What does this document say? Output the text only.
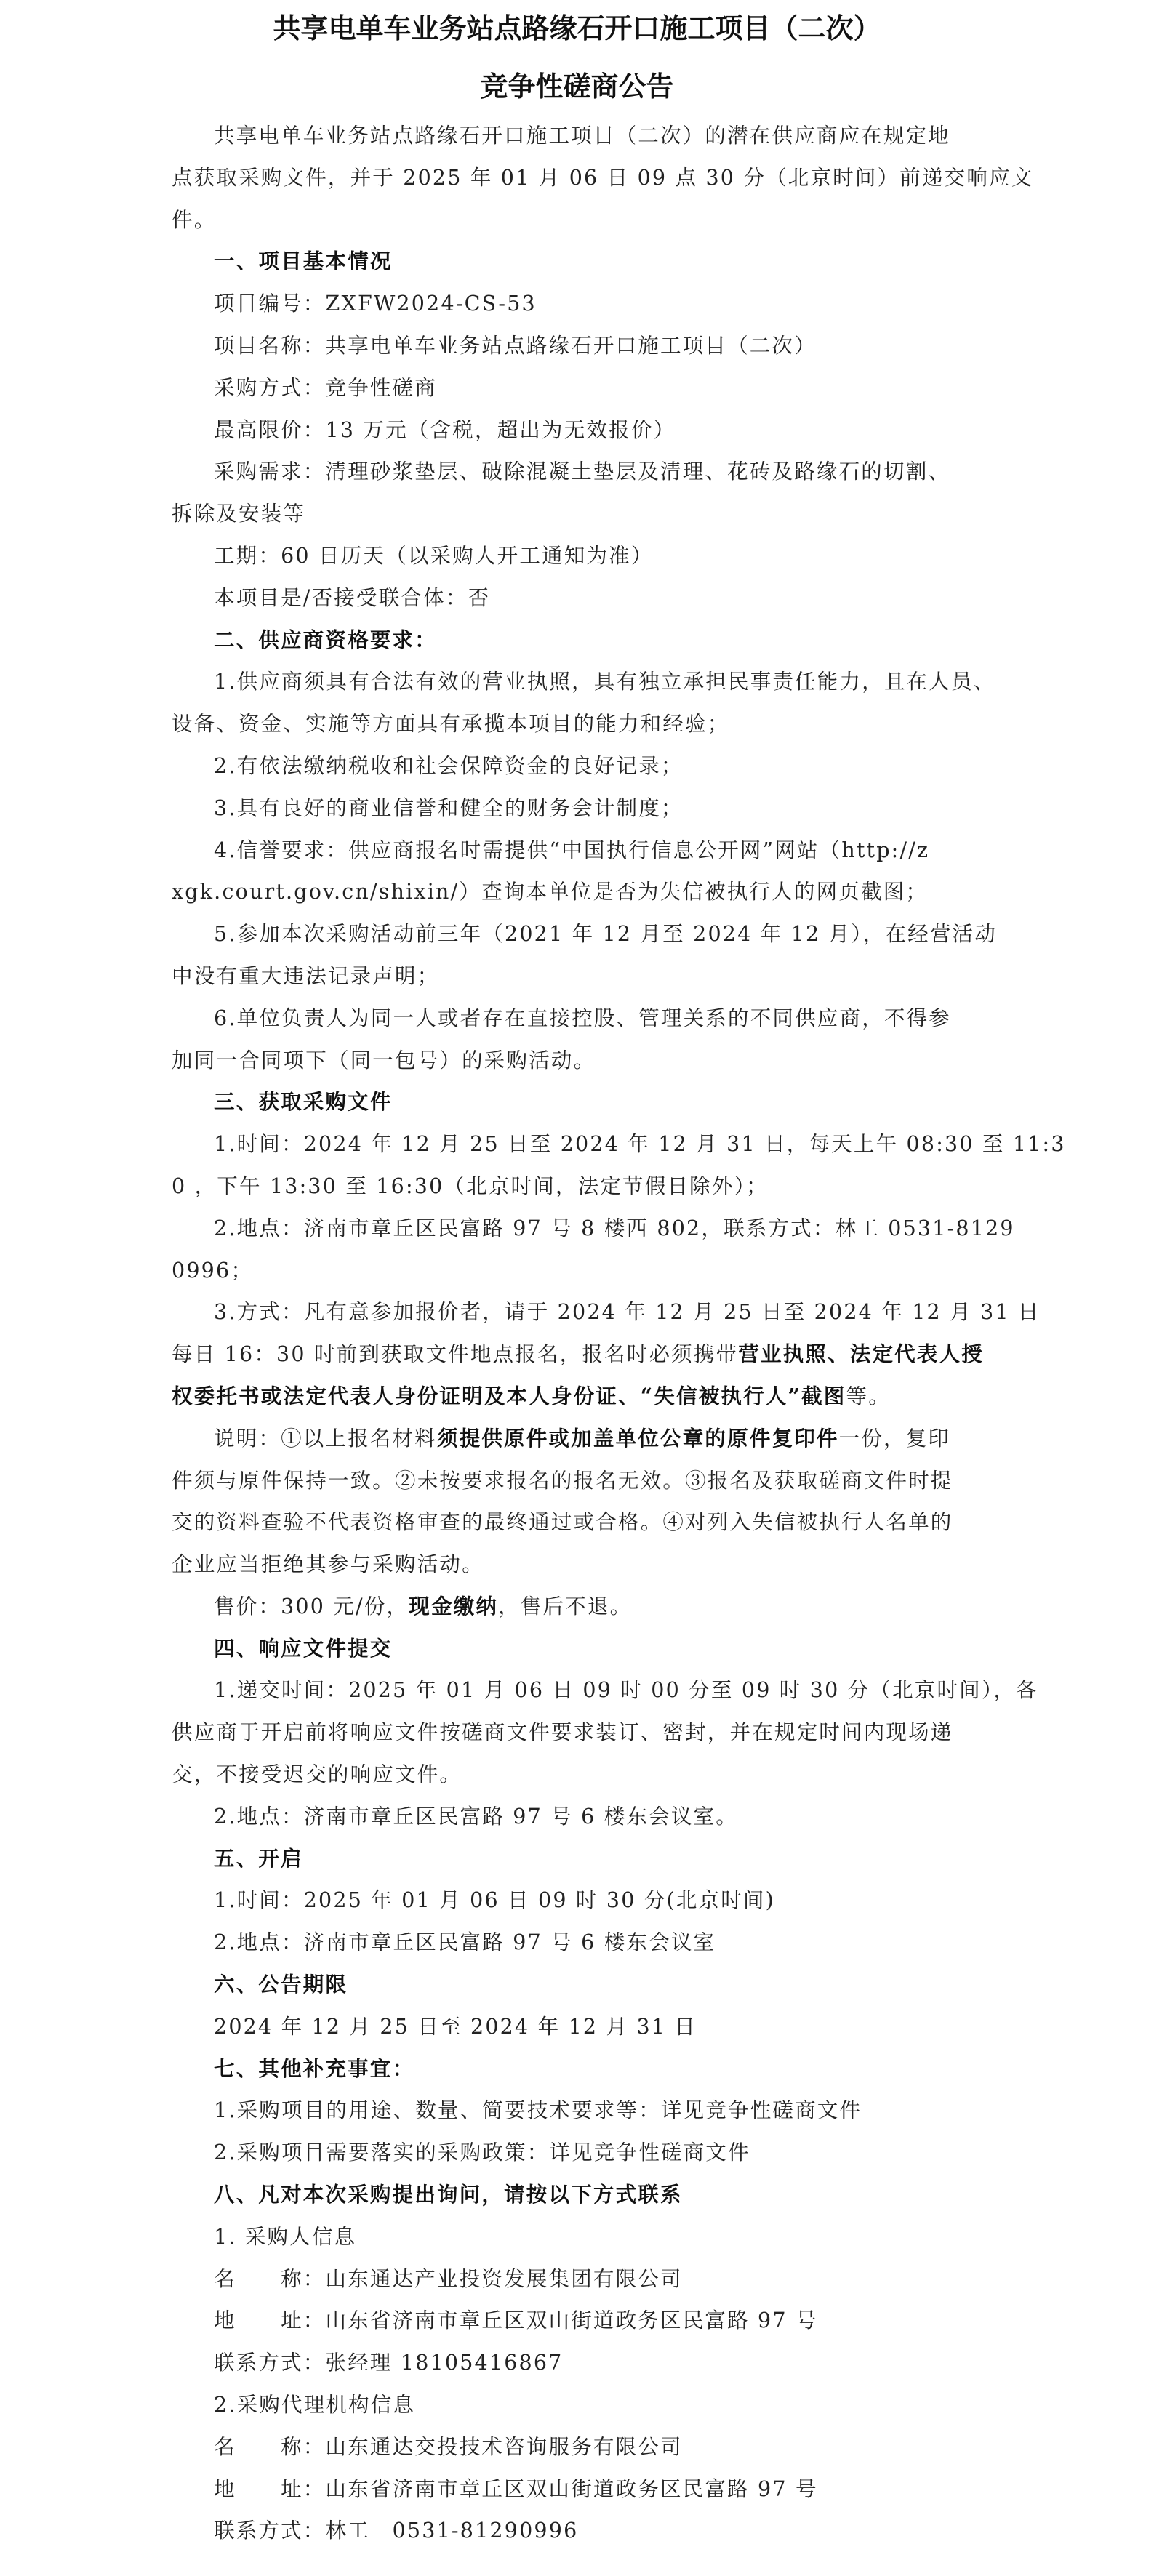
共享电单车业务站点路缘石开口施工项目（二次）
竞争性磋商公告
共享电单车业务站点路缘石开口施工项目（二次）的潜在供应商应在规定地
点获取采购文件，并于 2025 年 01 月 06 日 09 点 30 分（北京时间）前递交响应文
件。
一、项目基本情况
项目编号：ZXFW2024-CS-53
项目名称：共享电单车业务站点路缘石开口施工项目（二次）
采购方式：竞争性磋商
最高限价：13 万元（含税，超出为无效报价）
采购需求：清理砂浆垫层、破除混凝土垫层及清理、花砖及路缘石的切割、
拆除及安装等
工期：60 日历天（以采购人开工通知为准）
本项目是/否接受联合体：否
二、供应商资格要求：
1.供应商须具有合法有效的营业执照，具有独立承担民事责任能力，且在人员、
设备、资金、实施等方面具有承揽本项目的能力和经验；
2.有依法缴纳税收和社会保障资金的良好记录；
3.具有良好的商业信誉和健全的财务会计制度；
4.信誉要求：供应商报名时需提供“中国执行信息公开网”网站（http://z
xgk.court.gov.cn/shixin/）查询本单位是否为失信被执行人的网页截图；
5.参加本次采购活动前三年（2021 年 12 月至 2024 年 12 月），在经营活动
中没有重大违法记录声明；
6.单位负责人为同一人或者存在直接控股、管理关系的不同供应商，不得参
加同一合同项下（同一包号）的采购活动。
三、获取采购文件
1.时间：2024 年 12 月 25 日至 2024 年 12 月 31 日，每天上午 08:30 至 11:3
0 ，下午 13:30 至 16:30（北京时间，法定节假日除外）；
2.地点：济南市章丘区民富路 97 号 8 楼西 802，联系方式：林工 0531-8129
0996；
3.方式：凡有意参加报价者，请于 2024 年 12 月 25 日至 2024 年 12 月 31 日
每日 16：30 时前到获取文件地点报名，报名时必须携带营业执照、法定代表人授
权委托书或法定代表人身份证明及本人身份证、“失信被执行人”截图等。
说明：①以上报名材料须提供原件或加盖单位公章的原件复印件一份，复印
件须与原件保持一致。②未按要求报名的报名无效。③报名及获取磋商文件时提
交的资料查验不代表资格审查的最终通过或合格。④对列入失信被执行人名单的
企业应当拒绝其参与采购活动。
售价：300 元/份，现金缴纳，售后不退。
四、响应文件提交
1.递交时间：2025 年 01 月 06 日 09 时 00 分至 09 时 30 分（北京时间），各
供应商于开启前将响应文件按磋商文件要求装订、密封，并在规定时间内现场递
交，不接受迟交的响应文件。
2.地点：济南市章丘区民富路 97 号 6 楼东会议室。
五、开启
1.时间：2025 年 01 月 06 日 09 时 30 分(北京时间)
2.地点：济南市章丘区民富路 97 号 6 楼东会议室
六、公告期限
2024 年 12 月 25 日至 2024 年 12 月 31 日
七、其他补充事宜：
1.采购项目的用途、数量、简要技术要求等：详见竞争性磋商文件
2.采购项目需要落实的采购政策：详见竞争性磋商文件
八、凡对本次采购提出询问，请按以下方式联系
1. 采购人信息
名　　称：山东通达产业投资发展集团有限公司
地　　址：山东省济南市章丘区双山街道政务区民富路 97 号
联系方式：张经理 18105416867
2.采购代理机构信息
名　　称：山东通达交投技术咨询服务有限公司
地　　址：山东省济南市章丘区双山街道政务区民富路 97 号
联系方式：林工　0531-81290996
